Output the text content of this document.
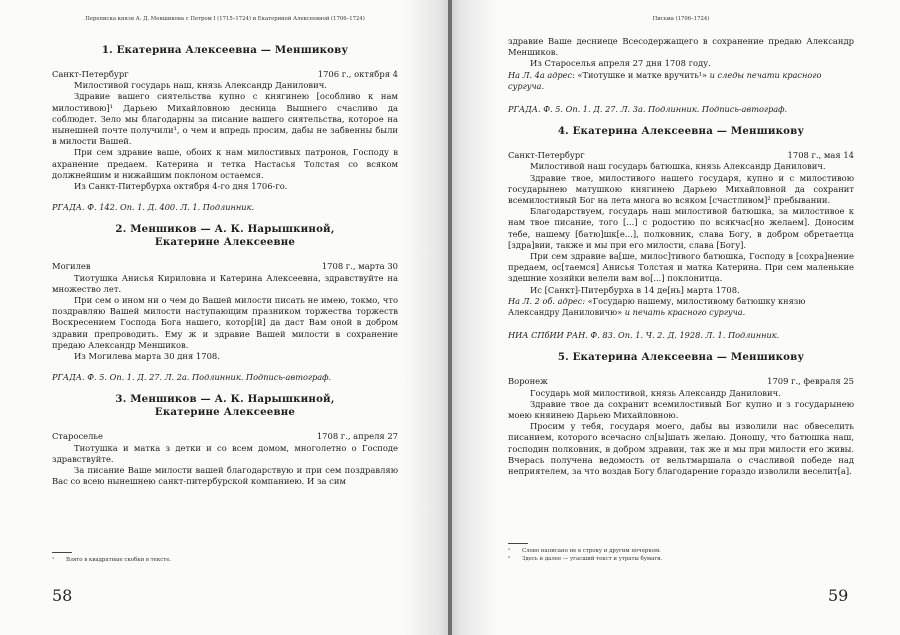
Переписка князя А. Д. Меншикова с Петром I (1715–1724) и Екатериной Алексеевной (1706–1724)
1. Екатерина Алексеевна — Меншикову
Санкт-Петербург	1706 г., октября 4

Милостивой государь наш, князь Александр Данилович.

Здравие вашего сиятельства купно с княгинею [особливо к нам милостивою]¹ Дарьею Михайловною десница Вышнего счасливо да соблюдет. Зело мы благодарны за писание вашего сиятельства, которое на нынешней почте получили¹, о чем и впредь просим, дабы не забвенны были в милости Вашей.

При сем здравие ваше, обоих к нам милостивых патронов, Господу в ахранение предаем. Катерина и тетка Настасья Толстая со всяком должнейшим и нижайшим поклоном остаемся.

Из Санкт-Питербурха октября 4-го дня 1706-го.

РГАДА. Ф. 142. Оп. 1. Д. 400. Л. 1. Подлинник.
2. Меншиков — А. К. Нарышкиной,
Екатерине Алексеевне
Могилев	1708 г., марта 30

Тиотушка Анисья Кириловна и Катерина Алексеевна, здравствуйте на множество лет.

При сем о ином ни о чем до Вашей милости писать не имею, токмо, что поздравляю Вашей милости наступающим празником торжества торжеств Воскресением Господа Бога нашего, котор[ій] да даст Вам оной в добром здравии препроводить. Ему ж и здравие Вашей милости в сохранение предаю Александр Меншиков.

Из Могилева марта 30 дня 1708.

РГАДА. Ф. 5. Оп. 1. Д. 27. Л. 2а. Подлинник. Подпись-автограф.
3. Меншиков — А. К. Нарышкиной,
Екатерине Алексеевне
Староселье	1708 г., апреля 27

Тиотушка и матка з детки и со всем домом, многолетно о Господе здравствуйте.

За писание Ваше милости вашей благодарствую и при сем поздравляю Вас со всею нынешнею санкт-питербурской компаниею. И за сим

¹ Взято в квадратные скобки в тексте.
58
Письма (1706–1724)

здравие Ваше десниеце Всесодержащего в сохранение предаю Александр Меншиков.

Из Староселья апреля 27 дня 1708 году.

На Л. 4а адрес: «Тиотушке и матке вручить¹» и следы печати красного сургуча.

РГАДА. Ф. 5. Оп. 1. Д. 27. Л. 3а. Подлинник. Подпись-автограф.
4. Екатерина Алексеевна — Меншикову
Санкт-Петербург	1708 г., мая 14

Милостивой наш государь батюшка, князь Александр Данилович.

Здравие твое, милостивого нашего государя, купно и с милостивою государынею матушкою княгинею Дарьею Михайловной да сохранит всемилостивый Бог на лета многа во всяком [счастливом]² пребывании.

Благодарствуем, государь наш милостивой батюшка, за милостивое к нам твое писание, того [...] с родостию по всякчас[но желаем]. Доносим тебе, нашему [батю]шк[е...], полковник, слава Богу, в добром обретаетца [здра]вии, также и мы при его милости, слава [Богу].

При сем здравие ва[ше, милос]тивого батюшка, Господу в [сохра]нение предаем, ос[таемся] Анисья Толстая и матка Катерина. При сем маленькие здешние хозяйки велели вам во[...] поклонитца.

Ис [Санкт]-Питербурха в 14 де[нь] марта 1708.

На Л. 2 об. адрес: «Государю нашему, милостивому батюшку князю Александру Даниловичю» и печать красного сургуча.

НИА СПбИИ РАН. Ф. 83. Оп. 1. Ч. 2. Д. 1928. Л. 1. Подлинник.
5. Екатерина Алексеевна — Меншикову
Воронеж	1709 г., февраля 25

Государь мой милостивой, князь Александр Данилович.

Здравие твое да сохранит всемилостивый Бог купно и з государынею моею княинею Дарьею Михайловною.

Просим у тебя, государя моего, дабы вы изволили нас обвеселить писанием, которого всечасно сл[ы]шать желаю. Доношу, что батюшка наш, господин полковник, в добром здравии, так же и мы при милости его живы. Вчерась получена ведомость от вельтмаршала о счасливой победе над неприятелем, за что воздав Богу благодарение гораздо изволили веселит[а].

¹ Слово написано не в строку и другим почерком.
² Здесь и далее — угасший текст и утраты бумаги.
59
